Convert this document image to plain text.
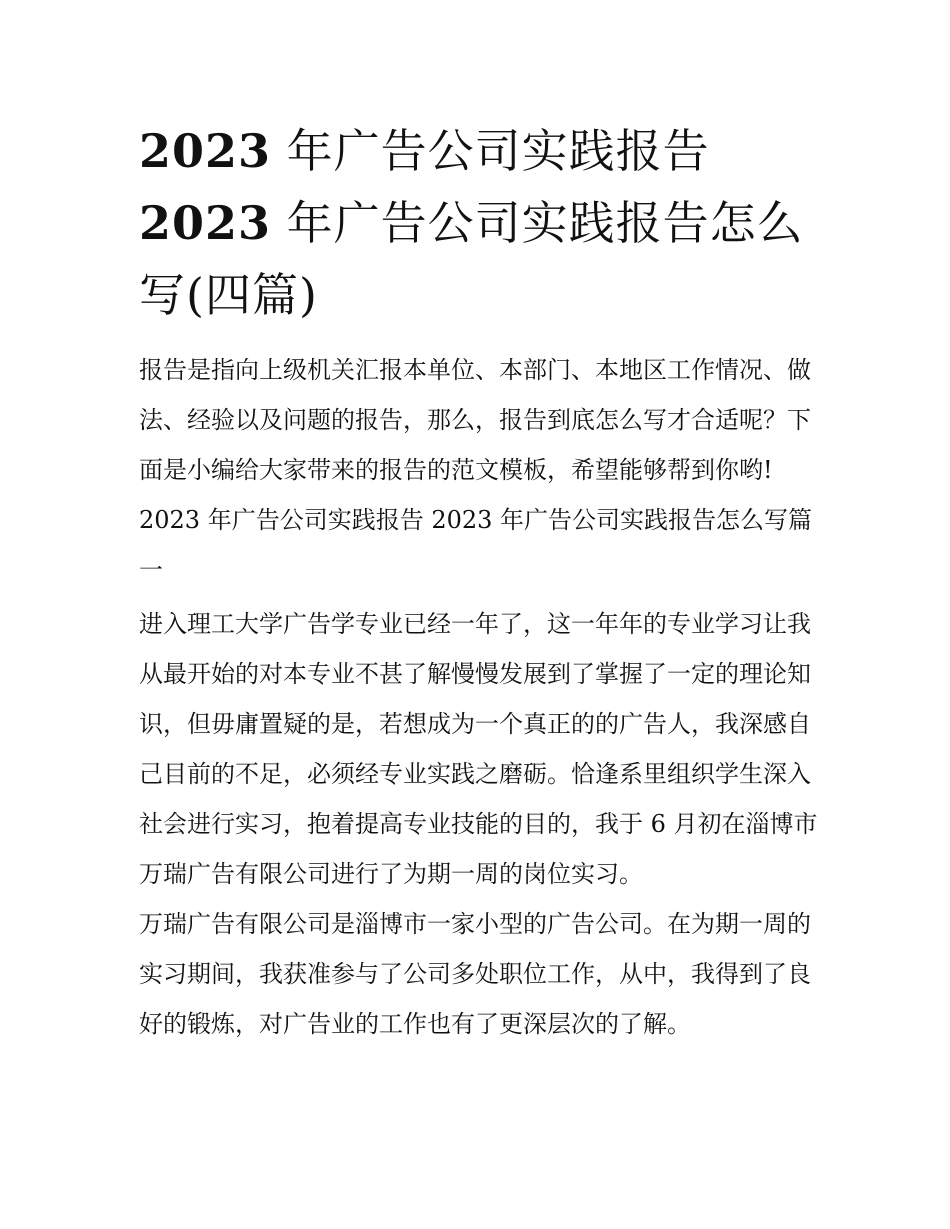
2023 年广告公司实践报告
2023 年广告公司实践报告怎么
写(四篇)

报告是指向上级机关汇报本单位、本部门、本地区工作情况、做法、经验以及问题的报告，那么，报告到底怎么写才合适呢？下面是小编给大家带来的报告的范文模板，希望能够帮到你哟!

2023 年广告公司实践报告 2023 年广告公司实践报告怎么写篇一

进入理工大学广告学专业已经一年了，这一年年的专业学习让我从最开始的对本专业不甚了解慢慢发展到了掌握了一定的理论知识，但毋庸置疑的是，若想成为一个真正的的广告人，我深感自己目前的不足，必须经专业实践之磨砺。恰逢系里组织学生深入社会进行实习，抱着提高专业技能的目的，我于 6 月初在淄博市万瑞广告有限公司进行了为期一周的岗位实习。

万瑞广告有限公司是淄博市一家小型的广告公司。在为期一周的实习期间，我获准参与了公司多处职位工作，从中，我得到了良好的锻炼，对广告业的工作也有了更深层次的了解。
